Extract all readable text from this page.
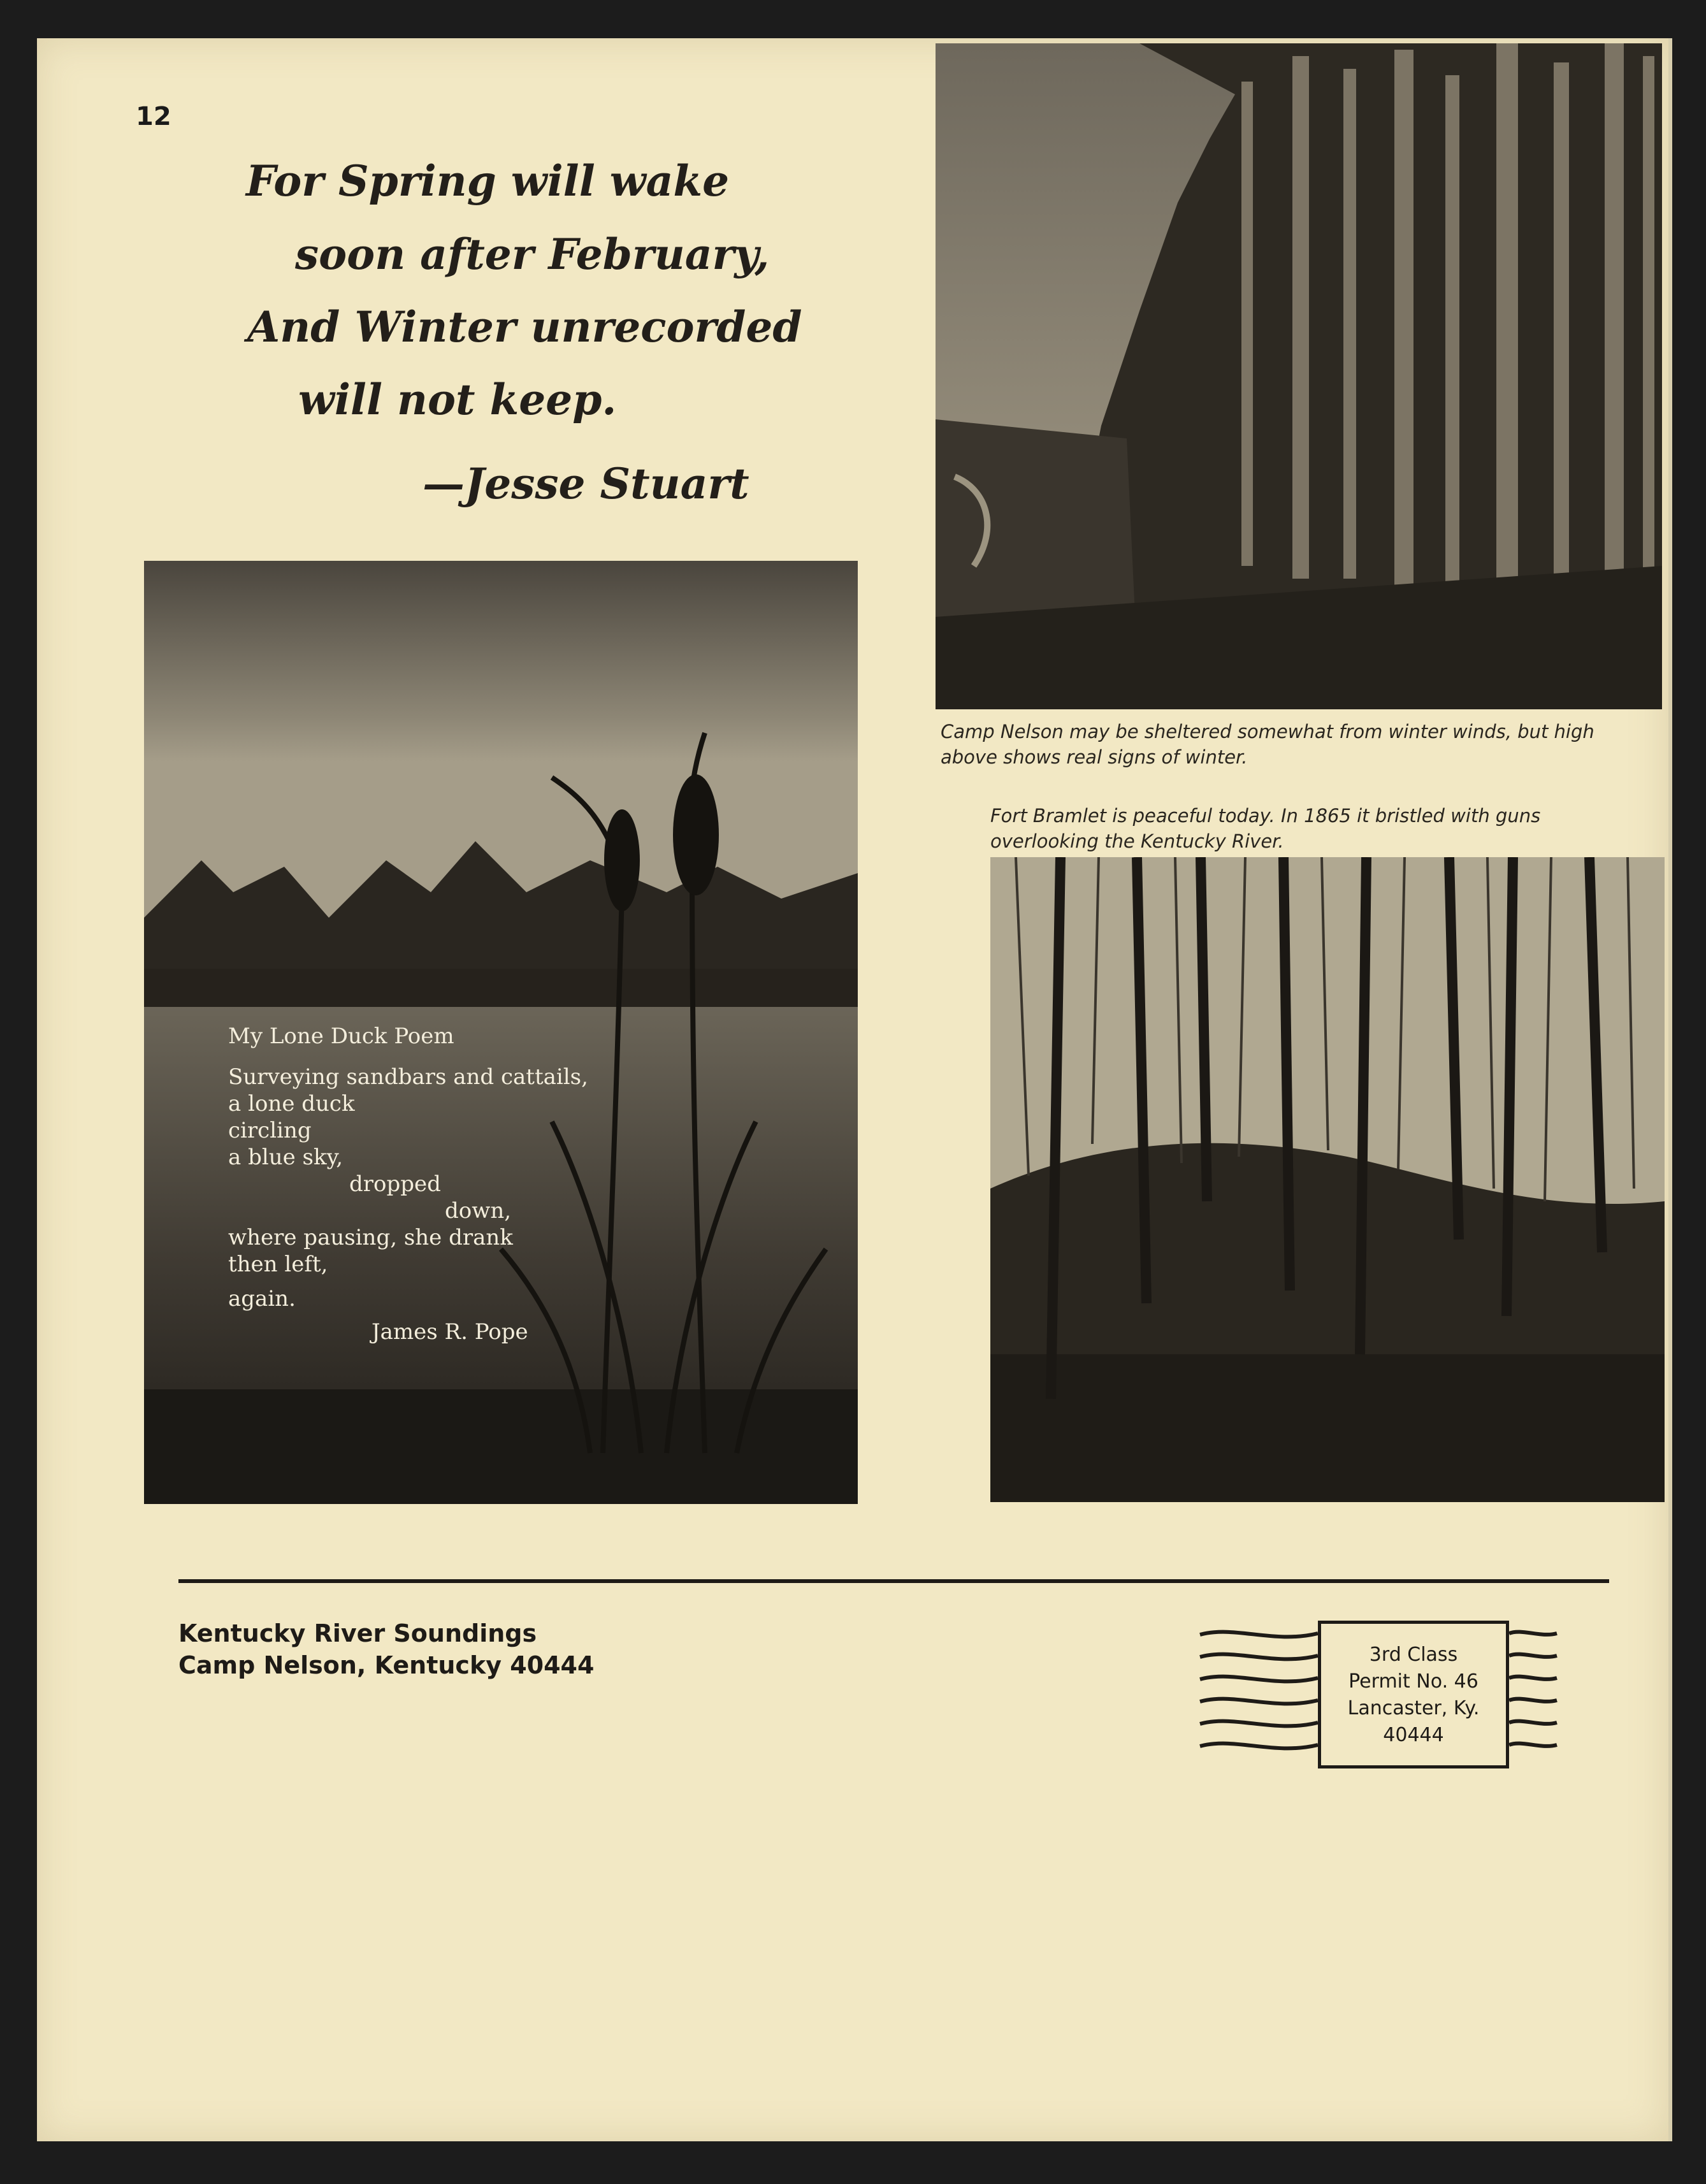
12
For Spring will wake
soon after February,
And Winter unrecorded
will not keep.
—Jesse Stuart
My Lone Duck Poem
Surveying sandbars and cattails,
a lone duck
circling
a blue sky,
dropped
down,
where pausing, she drank
then left,
again.
James R. Pope
Camp Nelson may be sheltered somewhat from winter winds, but high above shows real signs of winter.
Fort Bramlet is peaceful today. In 1865 it bristled with guns overlooking the Kentucky River.
Kentucky River Soundings
Camp Nelson, Kentucky 40444	3rd Class
Permit No. 46
Lancaster, Ky.
40444
